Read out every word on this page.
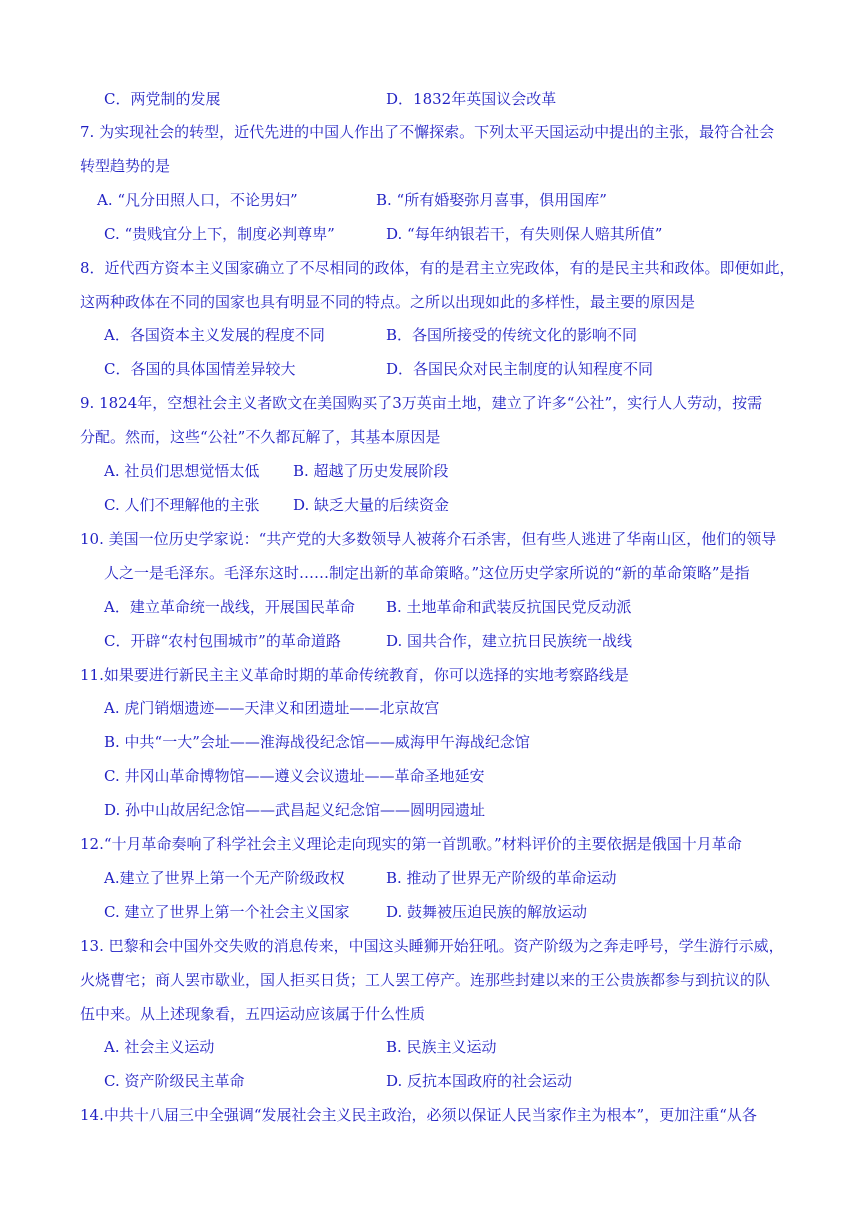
C．两党制的发展	D．1832年英国议会改革
7. 为实现社会的转型，近代先进的中国人作出了不懈探索。下列太平天国运动中提出的主张，最符合社会
转型趋势的是
A. “凡分田照人口，不论男妇”	B. “所有婚娶弥月喜事，俱用国库”
C. “贵贱宜分上下，制度必判尊卑”	D. “每年纳银若干，有失则保人赔其所值”
8．近代西方资本主义国家确立了不尽相同的政体，有的是君主立宪政体，有的是民主共和政体。即便如此，
这两种政体在不同的国家也具有明显不同的特点。之所以出现如此的多样性，最主要的原因是
A．各国资本主义发展的程度不同	B．各国所接受的传统文化的影响不同
C．各国的具体国情差异较大	D．各国民众对民主制度的认知程度不同
9. 1824年，空想社会主义者欧文在美国购买了3万英亩土地，建立了许多“公社”，实行人人劳动，按需
分配。然而，这些“公社”不久都瓦解了，其基本原因是
A. 社员们思想觉悟太低 B. 超越了历史发展阶段
C. 人们不理解他的主张 D. 缺乏大量的后续资金
10. 美国一位历史学家说：“共产党的大多数领导人被蒋介石杀害，但有些人逃进了华南山区，他们的领导
人之一是毛泽东。毛泽东这时……制定出新的革命策略。”这位历史学家所说的“新的革命策略”是指
A．建立革命统一战线，开展国民革命 B. 土地革命和武装反抗国民党反动派
C．开辟“农村包围城市”的革命道路	D. 国共合作，建立抗日民族统一战线
11.如果要进行新民主主义革命时期的革命传统教育，你可以选择的实地考察路线是
A. 虎门销烟遗迹——天津义和团遗址——北京故宫
B. 中共“一大”会址——淮海战役纪念馆——威海甲午海战纪念馆
C. 井冈山革命博物馆——遵义会议遗址——革命圣地延安
D. 孙中山故居纪念馆——武昌起义纪念馆——圆明园遗址
12.“十月革命奏响了科学社会主义理论走向现实的第一首凯歌。”材料评价的主要依据是俄国十月革命
A.建立了世界上第一个无产阶级政权	B. 推动了世界无产阶级的革命运动
C. 建立了世界上第一个社会主义国家 D. 鼓舞被压迫民族的解放运动
13. 巴黎和会中国外交失败的消息传来，中国这头睡狮开始狂吼。资产阶级为之奔走呼号，学生游行示威，
火烧曹宅；商人罢市歇业，国人拒买日货；工人罢工停产。连那些封建以来的王公贵族都参与到抗议的队
伍中来。从上述现象看，五四运动应该属于什么性质
A. 社会主义运动	B. 民族主义运动
C. 资产阶级民主革命	D. 反抗本国政府的社会运动
14.中共十八届三中全强调“发展社会主义民主政治，必须以保证人民当家作主为根本”，更加注重“从各
